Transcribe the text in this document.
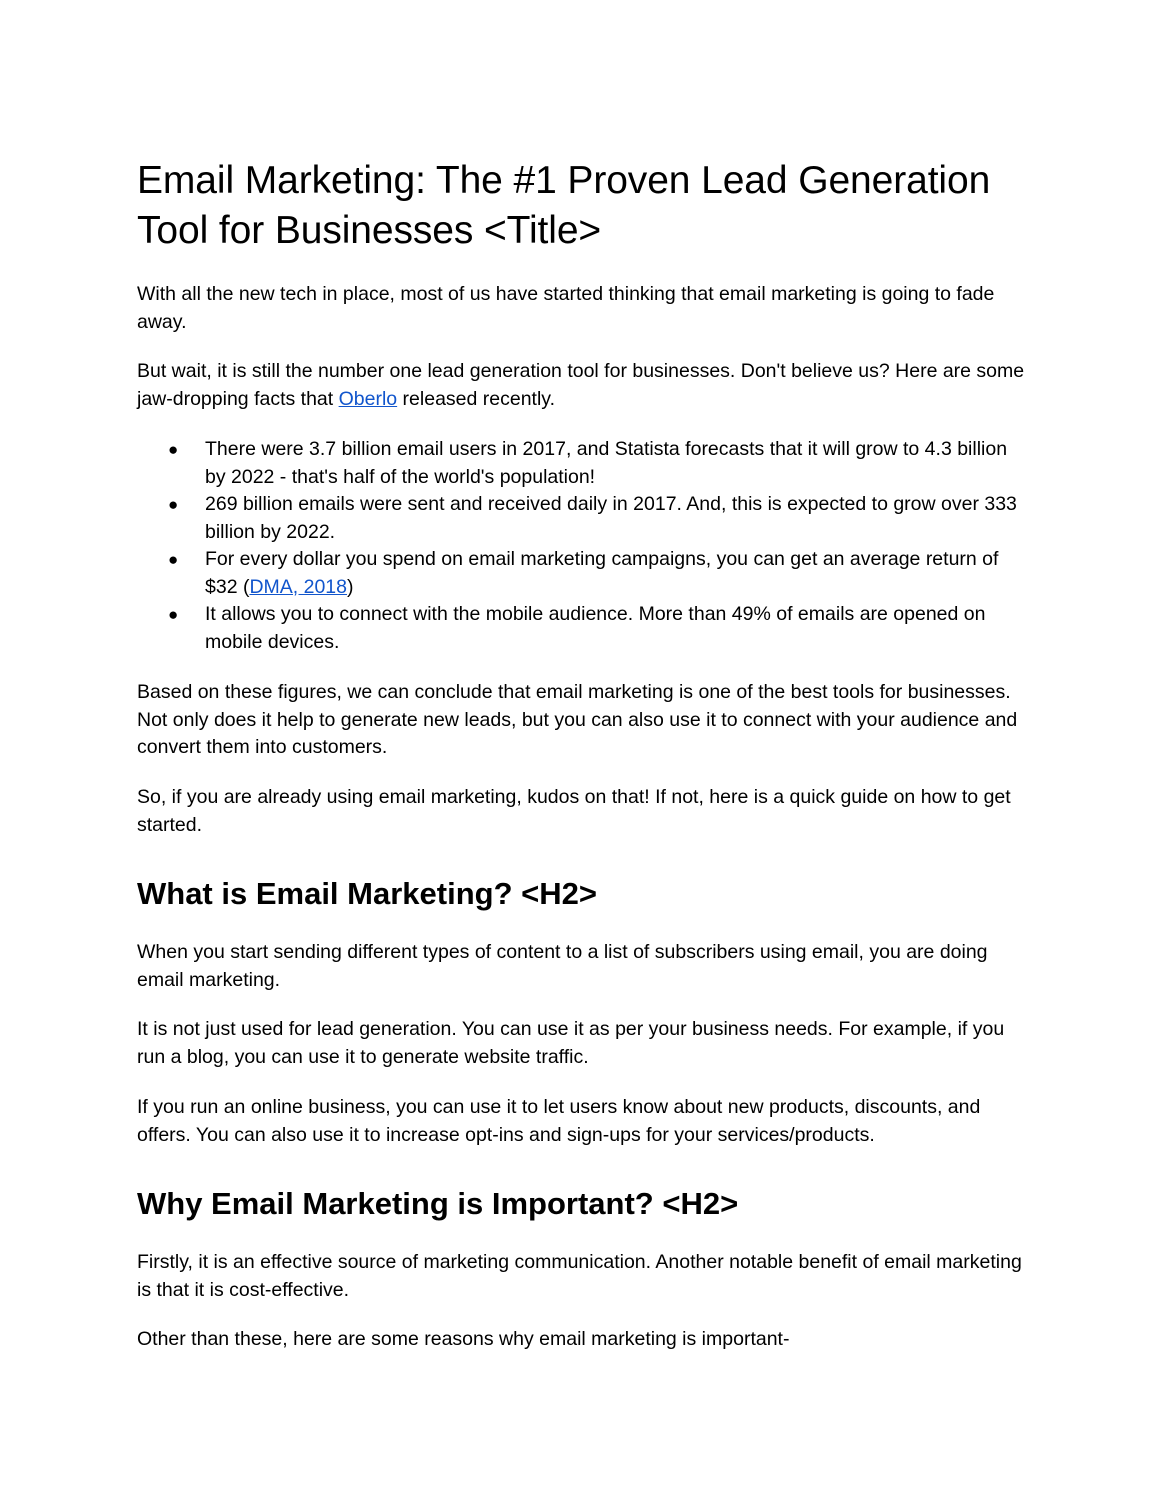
Email Marketing: The #1 Proven Lead Generation Tool for Businesses <Title>

With all the new tech in place, most of us have started thinking that email marketing is going to fade away.

But wait, it is still the number one lead generation tool for businesses. Don't believe us? Here are some jaw-dropping facts that Oberlo released recently.

● There were 3.7 billion email users in 2017, and Statista forecasts that it will grow to 4.3 billion by 2022 - that's half of the world's population!
● 269 billion emails were sent and received daily in 2017. And, this is expected to grow over 333 billion by 2022.
● For every dollar you spend on email marketing campaigns, you can get an average return of $32 (DMA, 2018)
● It allows you to connect with the mobile audience. More than 49% of emails are opened on mobile devices.

Based on these figures, we can conclude that email marketing is one of the best tools for businesses. Not only does it help to generate new leads, but you can also use it to connect with your audience and convert them into customers.

So, if you are already using email marketing, kudos on that! If not, here is a quick guide on how to get started.

What is Email Marketing? <H2>

When you start sending different types of content to a list of subscribers using email, you are doing email marketing.

It is not just used for lead generation. You can use it as per your business needs. For example, if you run a blog, you can use it to generate website traffic.

If you run an online business, you can use it to let users know about new products, discounts, and offers. You can also use it to increase opt-ins and sign-ups for your services/products.

Why Email Marketing is Important? <H2>

Firstly, it is an effective source of marketing communication. Another notable benefit of email marketing is that it is cost-effective.

Other than these, here are some reasons why email marketing is important-
